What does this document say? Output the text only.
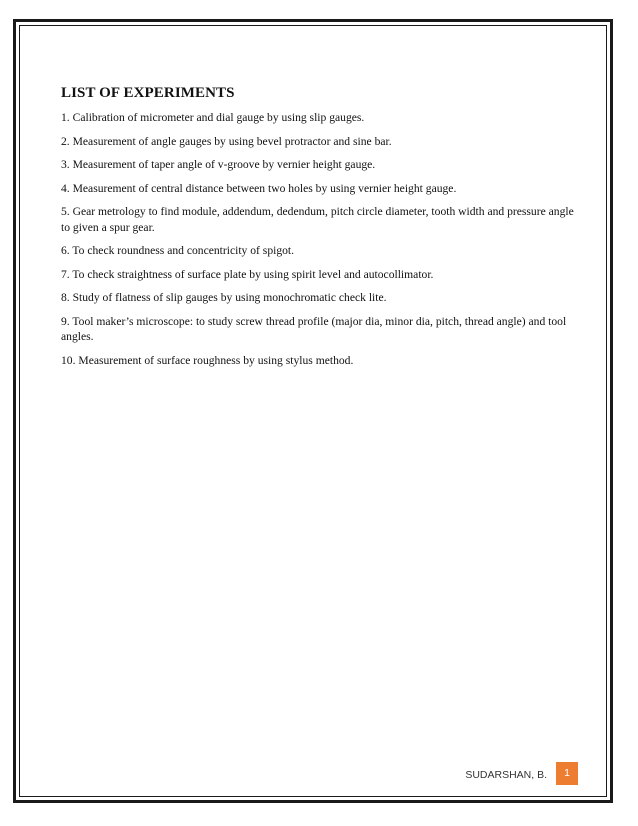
LIST OF EXPERIMENTS
1. Calibration of micrometer and dial gauge by using slip gauges.
2. Measurement of angle gauges by using bevel protractor and sine bar.
3. Measurement of taper angle of v-groove by vernier height gauge.
4. Measurement of central distance between two holes by using vernier height gauge.
5. Gear metrology to find module, addendum, dedendum, pitch circle diameter, tooth width and pressure angle to given a spur gear.
6. To check roundness and concentricity of spigot.
7. To check straightness of surface plate by using spirit level and autocollimator.
8. Study of flatness of slip gauges by using monochromatic check lite.
9. Tool maker’s microscope: to study screw thread profile (major dia, minor dia, pitch, thread angle) and tool angles.
10. Measurement of surface roughness by using stylus method.
SUDARSHAN, B.	1
